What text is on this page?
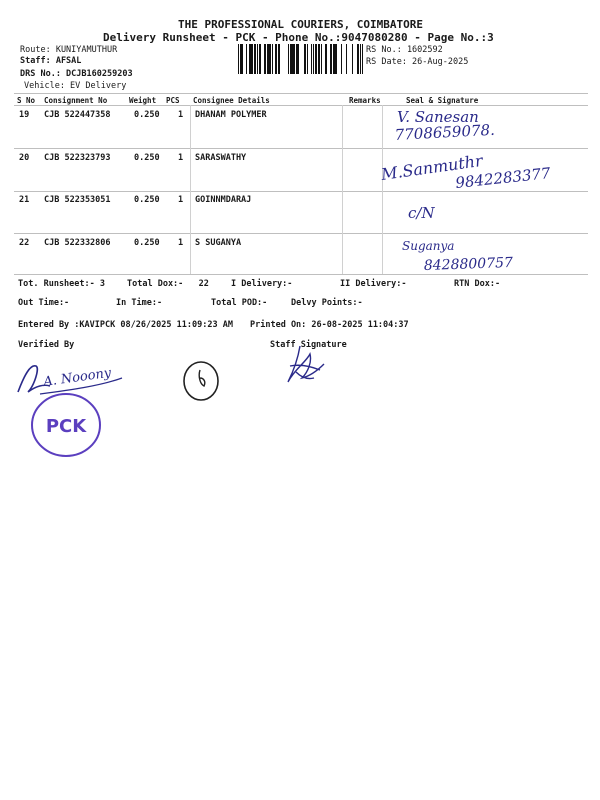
THE PROFESSIONAL COURIERS, COIMBATORE
Delivery Runsheet - PCK - Phone No.:9047080280 - Page No.:3
Route: KUNIYAMUTHUR
Staff: AFSAL
DRS No.: DCJB160259203
Vehicle: EV Delivery
RS No.: 1602592
RS Date: 26-Aug-2025
S No Consignment No	Weight PCS Consignee Details	Remarks	Seal & Signature
19 CJB 522447358	0.250 1 DHANAM POLYMER	V. Sanesan
7708659078.
20 CJB 522323793	0.250 1 SARASWATHY	M.Sanmuthr
9842283377
21 CJB 522353051	0.250 1 GOINNMDARAJ
c/N
22 CJB 522332806	0.250 1 S SUGANYA	Suganya
8428800757
Tot. Runsheet:- 3	Total Dox:-   22	I Delivery:-	II Delivery:-	RTN Dox:-
Out Time:-	In Time:-	Total POD:-	Delvy Points:-
Entered By :KAVIPCK 08/26/2025 11:09:23 AM Printed On: 26-08-2025 11:04:37
Verified By	Staff Signature
A. Nooony
PCK
